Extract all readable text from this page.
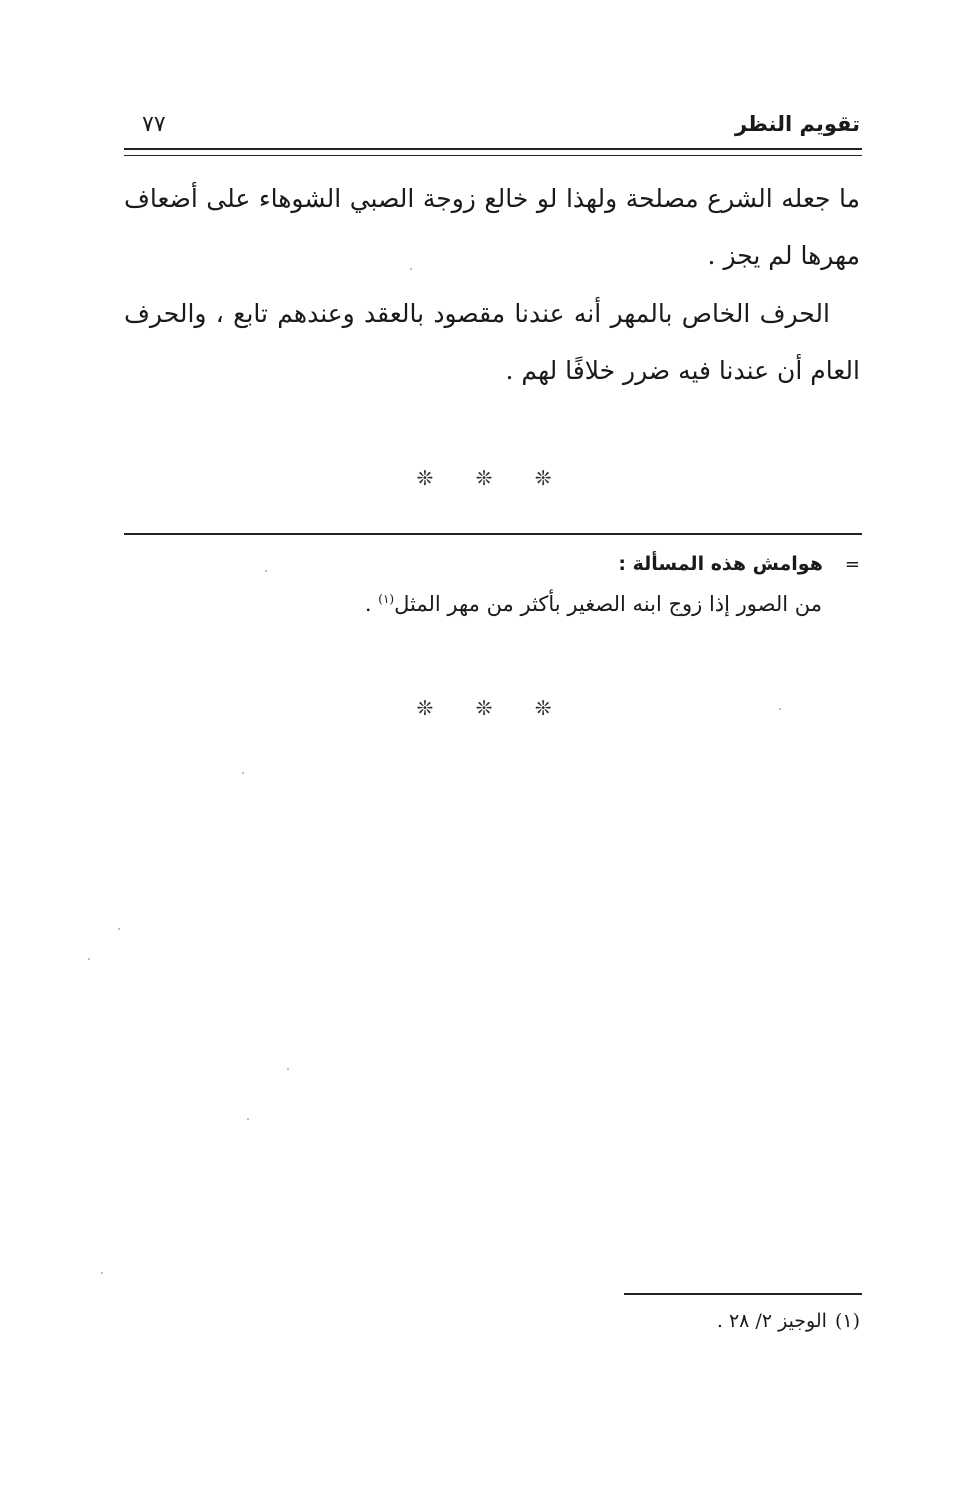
تقويم النظر
٧٧

ما جعله الشرع مصلحة ولهذا لو خالع زوجة الصبي الشوهاء على أضعاف مهرها لم يجز .

الحرف الخاص بالمهر أنه عندنا مقصود بالعقد وعندهم تابع ، والحرف العام أن عندنا فيه ضرر خلافًا لهم .

❊ ❊ ❊
=هوامش هذه المسألة :
من الصور إذا زوج ابنه الصغير بأكثر من مهر المثل$^{(١)}$ .
❊ ❊ ❊
(١)الوجيز ٢/ ٢٨ .
